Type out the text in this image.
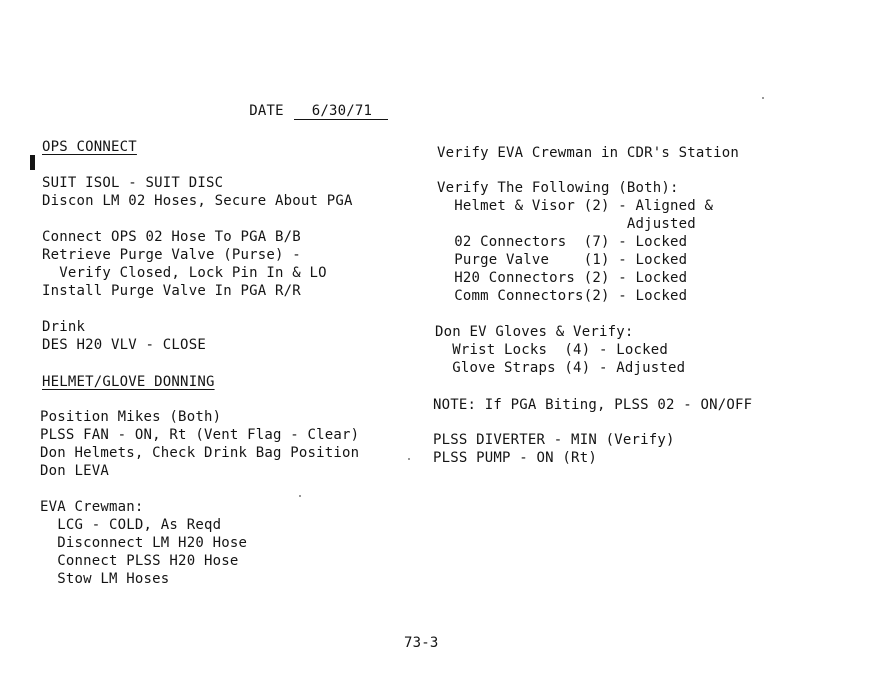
DATE 6/30/71

OPS CONNECT
SUIT ISOL - SUIT DISC
Discon LM 02 Hoses, Secure About PGA
Connect OPS 02 Hose To PGA B/B
Retrieve Purge Valve (Purse) -
Verify Closed, Lock Pin In & LO
Install Purge Valve In PGA R/R
Drink
DES H20 VLV - CLOSE
HELMET/GLOVE DONNING
Position Mikes (Both)
PLSS FAN - ON, Rt (Vent Flag - Clear)
Don Helmets, Check Drink Bag Position
Don LEVA
EVA Crewman:
LCG - COLD, As Reqd
Disconnect LM H20 Hose
Connect PLSS H20 Hose
Stow LM Hoses
Verify EVA Crewman in CDR's Station
Verify The Following (Both):
Helmet & Visor (2) - Aligned &
Adjusted
02 Connectors  (7) - Locked
Purge Valve    (1) - Locked
H20 Connectors (2) - Locked
Comm Connectors(2) - Locked
Don EV Gloves & Verify:
Wrist Locks  (4) - Locked
Glove Straps (4) - Adjusted
NOTE: If PGA Biting, PLSS 02 - ON/OFF
PLSS DIVERTER - MIN (Verify)
PLSS PUMP - ON (Rt)
73-3
